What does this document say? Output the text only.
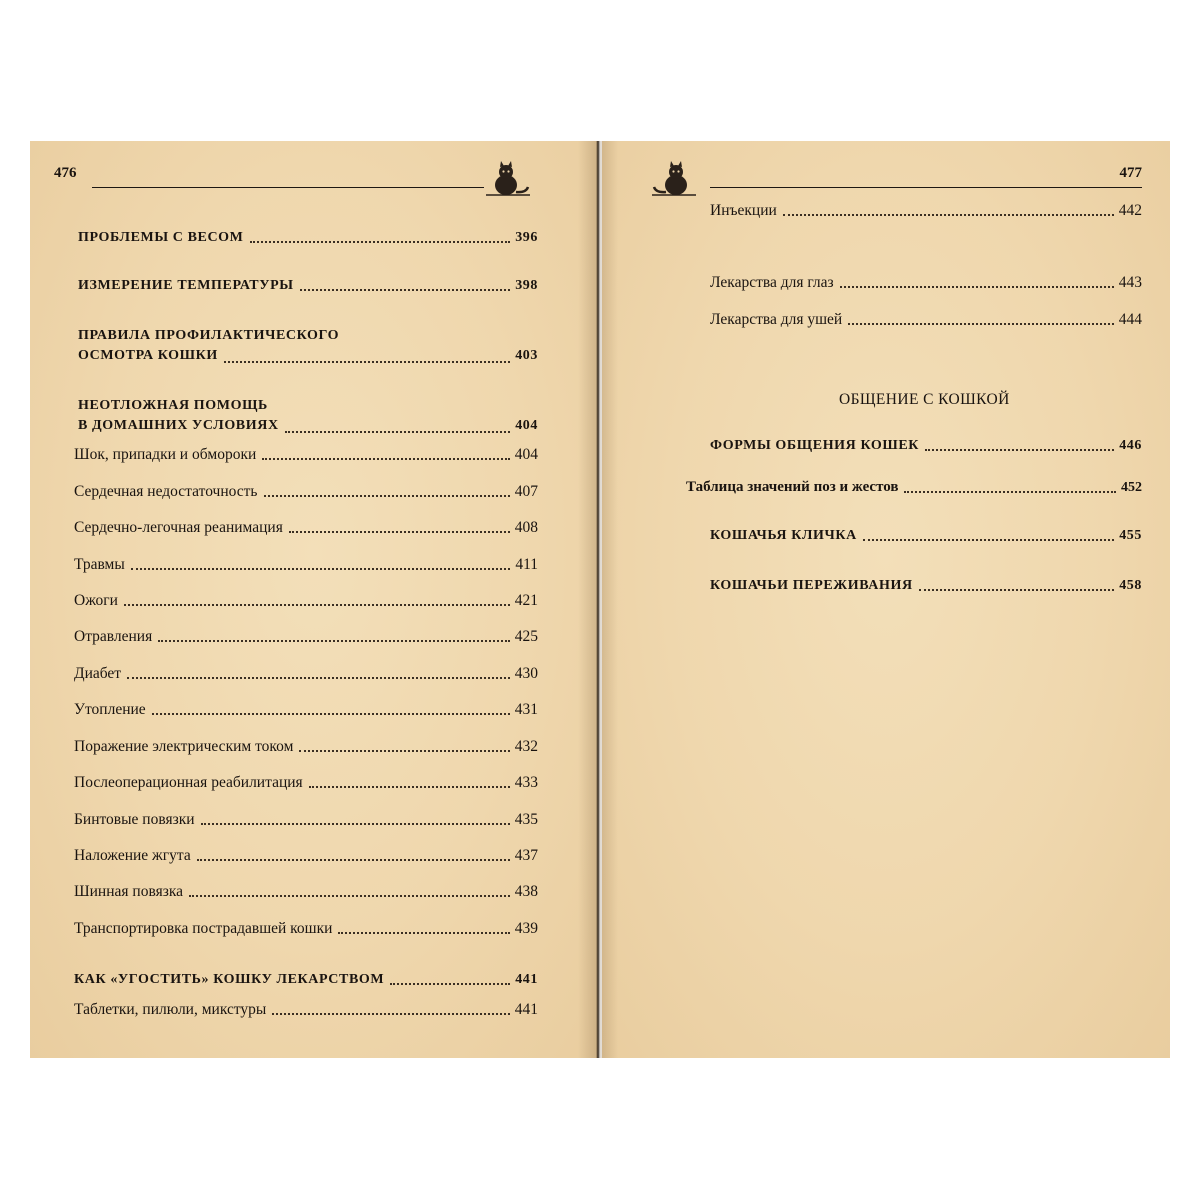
476
ПРОБЛЕМЫ С ВЕСОМ	396
ИЗМЕРЕНИЕ ТЕМПЕРАТУРЫ	398
ПРАВИЛА ПРОФИЛАКТИЧЕСКОГО
ОСМОТРА КОШКИ	403
НЕОТЛОЖНАЯ ПОМОЩЬ
В ДОМАШНИХ УСЛОВИЯХ	404
Шок, припадки и обмороки	404
Сердечная недостаточность	407
Сердечно-легочная реанимация	408
Травмы	411
Ожоги	421
Отравления	425
Диабет	430
Утопление	431
Поражение электрическим током	432
Послеоперационная реабилитация	433
Бинтовые повязки	435
Наложение жгута	437
Шинная повязка	438
Транспортировка пострадавшей кошки	439
КАК «УГОСТИТЬ» КОШКУ ЛЕКАРСТВОМ	441
Таблетки, пилюли, микстуры	441
477
Инъекции	442
Лекарства для глаз	443
Лекарства для ушей	444
ОБЩЕНИЕ С КОШКОЙ
ФОРМЫ ОБЩЕНИЯ КОШЕК	446
Таблица значений поз и жестов	452
КОШАЧЬЯ КЛИЧКА	455
КОШАЧЬИ ПЕРЕЖИВАНИЯ	458
